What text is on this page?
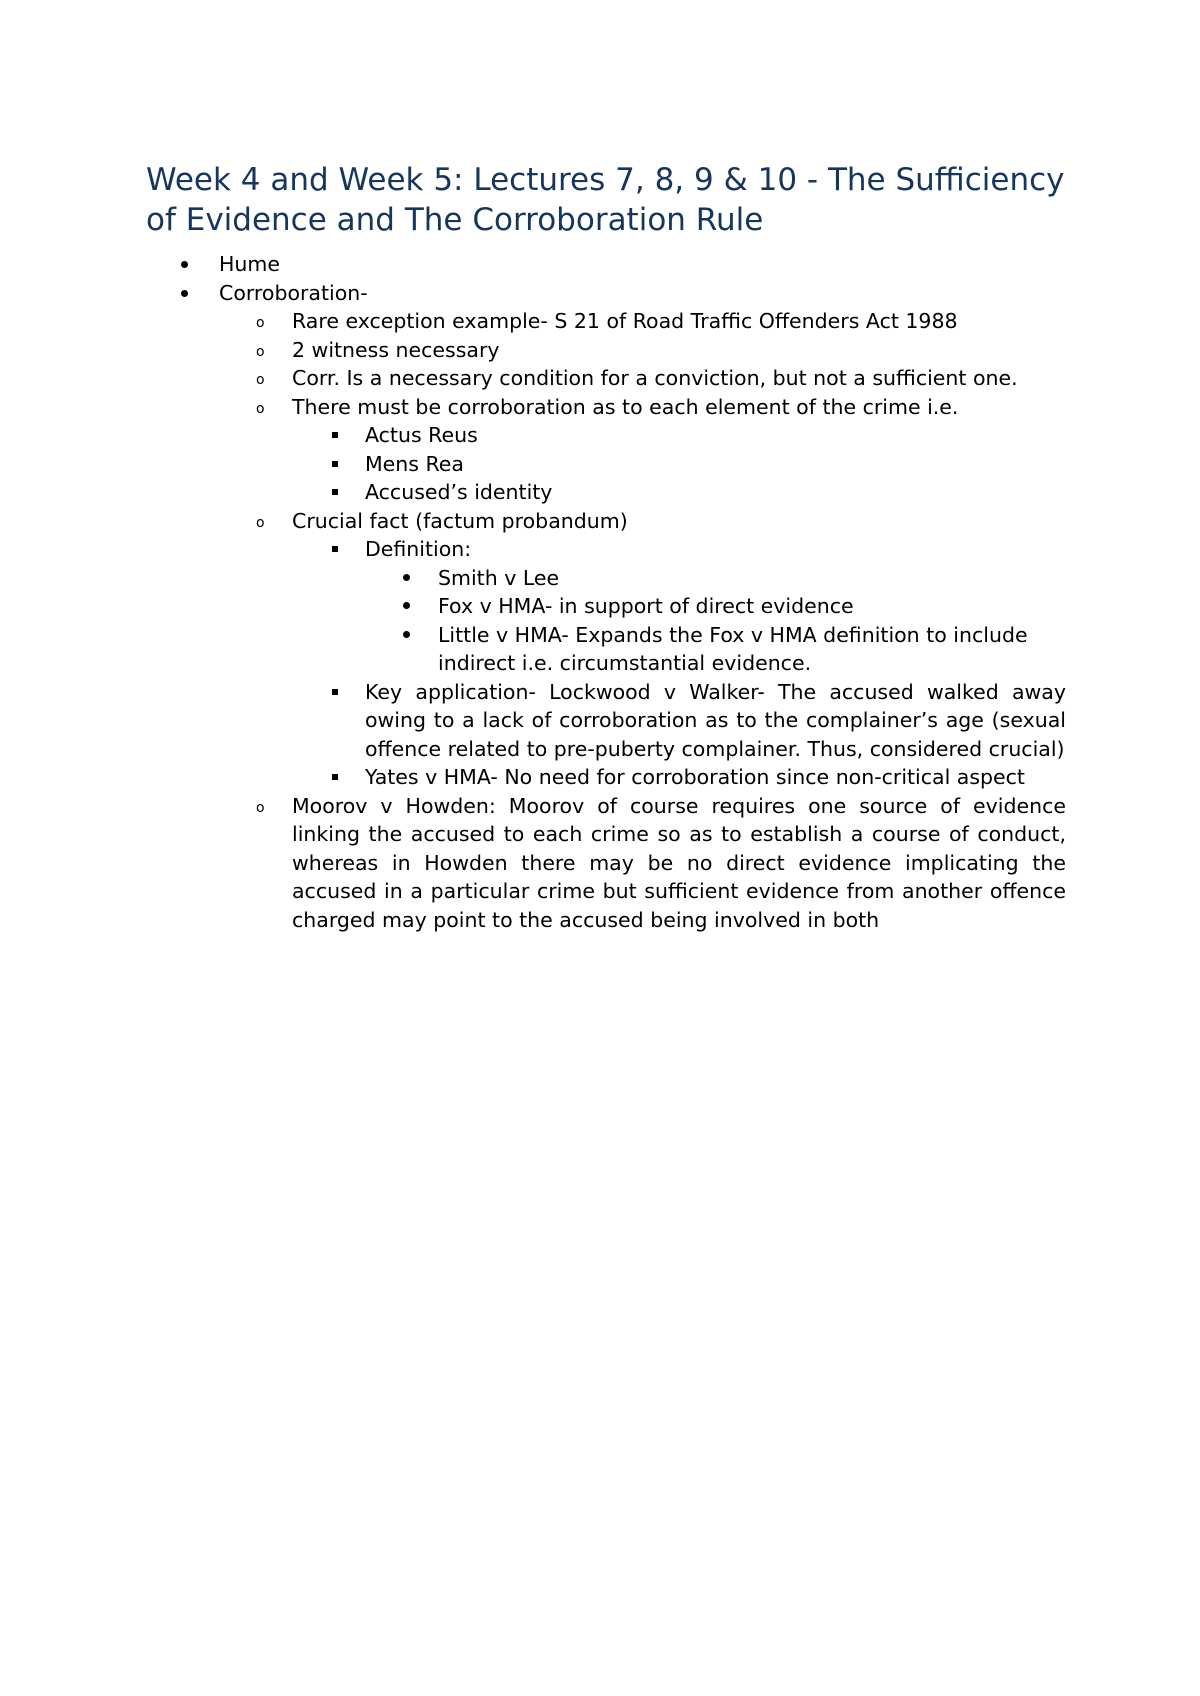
Week 4 and Week 5: Lectures 7, 8, 9 & 10 - The Sufficiency of Evidence and The Corroboration Rule
Hume
Corroboration-
o Rare exception example- S 21 of Road Traffic Offenders Act 1988
o 2 witness necessary
o Corr. Is a necessary condition for a conviction, but not a sufficient one.
o There must be corroboration as to each element of the crime i.e.
Actus Reus
Mens Rea
Accused’s identity
o Crucial fact (factum probandum)
Definition:
Smith v Lee
Fox v HMA- in support of direct evidence
Little v HMA- Expands the Fox v HMA definition to include indirect i.e. circumstantial evidence.
Key application- Lockwood v Walker- The accused walked away owing to a lack of corroboration as to the complainer’s age (sexual offence related to pre-puberty complainer. Thus, considered crucial)
Yates v HMA- No need for corroboration since non-critical aspect
o Moorov v Howden: Moorov of course requires one source of evidence linking the accused to each crime so as to establish a course of conduct, whereas in Howden there may be no direct evidence implicating the accused in a particular crime but sufficient evidence from another offence charged may point to the accused being involved in both
